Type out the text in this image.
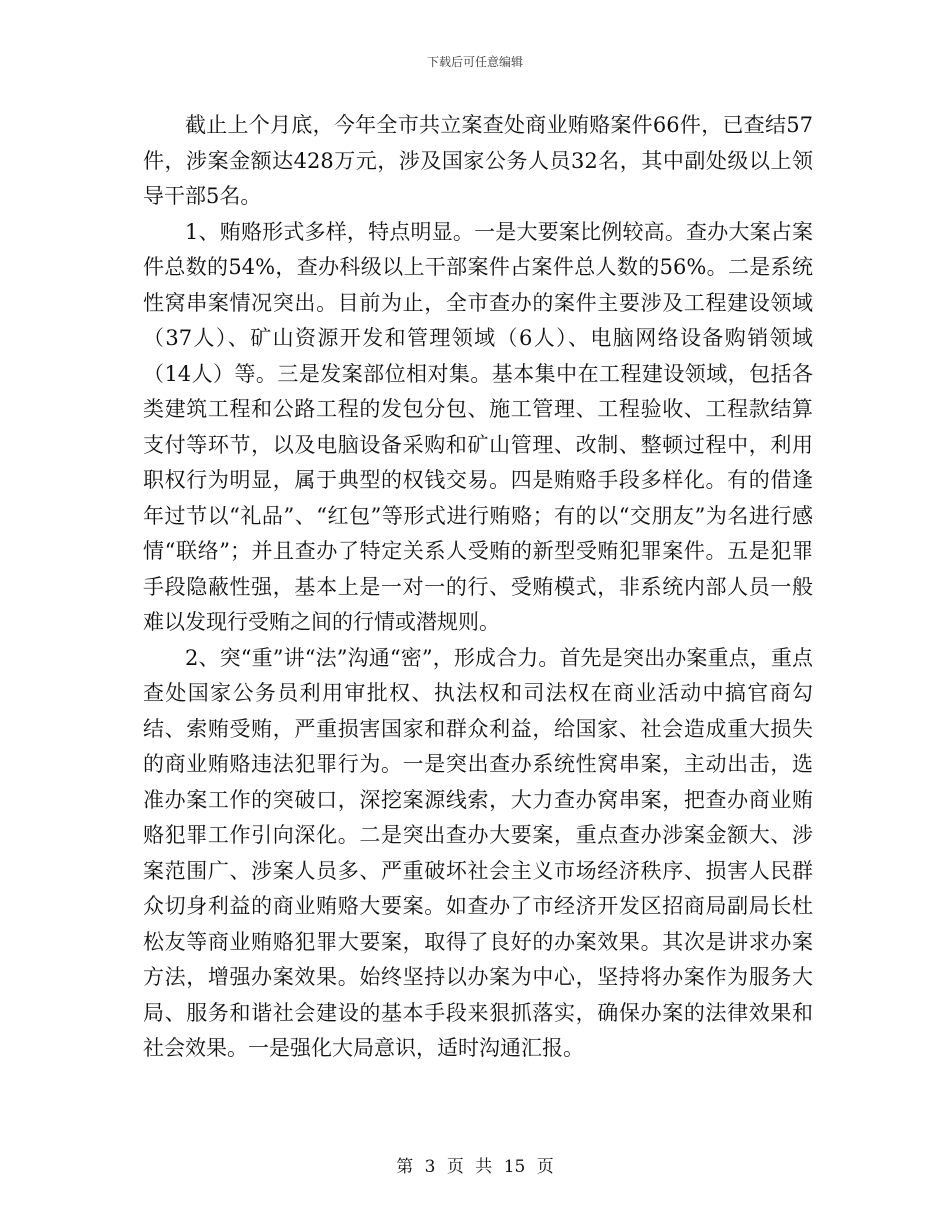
下载后可任意编辑

截止上个月底，今年全市共立案查处商业贿赂案件66件，已查结57件，涉案金额达428万元，涉及国家公务人员32名，其中副处级以上领导干部5名。

1、贿赂形式多样，特点明显。一是大要案比例较高。查办大案占案件总数的54%，查办科级以上干部案件占案件总人数的56%。二是系统性窝串案情况突出。目前为止，全市查办的案件主要涉及工程建设领域（37人）、矿山资源开发和管理领域（6人）、电脑网络设备购销领域（14人）等。三是发案部位相对集。基本集中在工程建设领域，包括各类建筑工程和公路工程的发包分包、施工管理、工程验收、工程款结算支付等环节，以及电脑设备采购和矿山管理、改制、整顿过程中，利用职权行为明显，属于典型的权钱交易。四是贿赂手段多样化。有的借逢年过节以“礼品”、“红包”等形式进行贿赂；有的以“交朋友”为名进行感情“联络”；并且查办了特定关系人受贿的新型受贿犯罪案件。五是犯罪手段隐蔽性强，基本上是一对一的行、受贿模式，非系统内部人员一般难以发现行受贿之间的行情或潜规则。

2、突“重”讲“法”沟通“密”，形成合力。首先是突出办案重点，重点查处国家公务员利用审批权、执法权和司法权在商业活动中搞官商勾结、索贿受贿，严重损害国家和群众利益，给国家、社会造成重大损失的商业贿赂违法犯罪行为。一是突出查办系统性窝串案，主动出击，选准办案工作的突破口，深挖案源线索，大力查办窝串案，把查办商业贿赂犯罪工作引向深化。二是突出查办大要案，重点查办涉案金额大、涉案范围广、涉案人员多、严重破坏社会主义市场经济秩序、损害人民群众切身利益的商业贿赂大要案。如查办了市经济开发区招商局副局长杜松友等商业贿赂犯罪大要案，取得了良好的办案效果。其次是讲求办案方法，增强办案效果。始终坚持以办案为中心，坚持将办案作为服务大局、服务和谐社会建设的基本手段来狠抓落实，确保办案的法律效果和社会效果。一是强化大局意识，适时沟通汇报。

第 3 页 共 15 页
